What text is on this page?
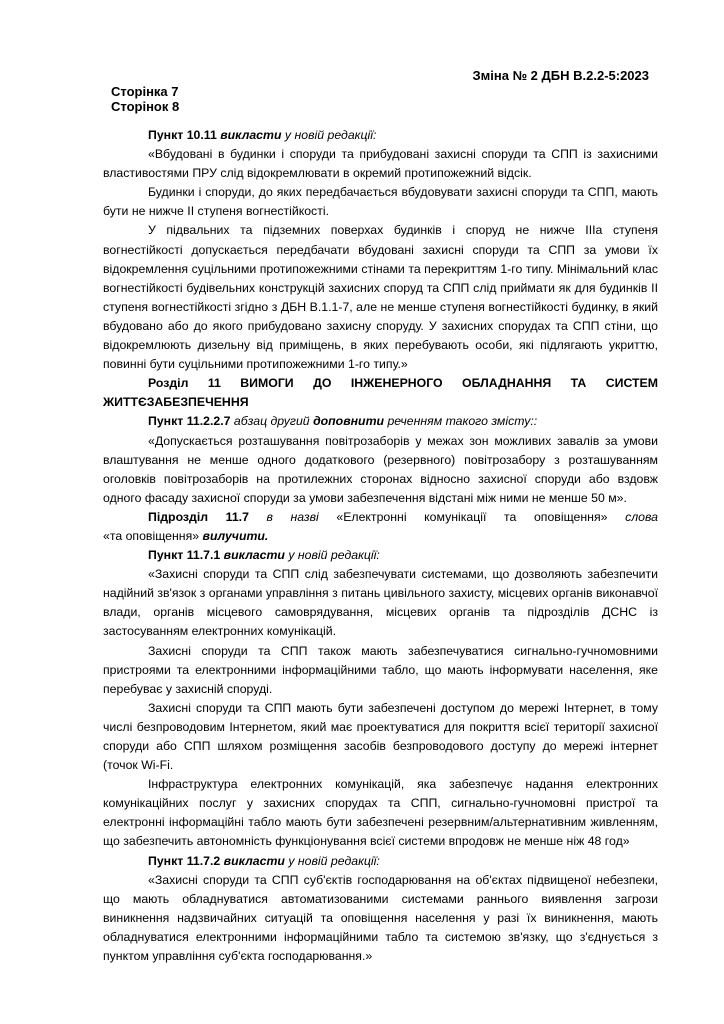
Зміна № 2 ДБН В.2.2-5:2023
Сторінка 7
Сторінок 8

Пункт 10.11 викласти у новій редакції:

«Вбудовані в будинки і споруди та прибудовані захисні споруди та СПП із захисними властивостями ПРУ слід відокремлювати в окремий протипожежний відсік.

Будинки і споруди, до яких передбачається вбудовувати захисні споруди та СПП, мають бути не нижче ІІ ступеня вогнестійкості.

У підвальних та підземних поверхах будинків і споруд не нижче ІІІа ступеня вогнестійкості допускається передбачати вбудовані захисні споруди та СПП за умови їх відокремлення суцільними протипожежними стінами та перекриттям 1-го типу. Мінімальний клас вогнестійкості будівельних конструкцій захисних споруд та СПП слід приймати як для будинків ІІ ступеня вогнестійкості згідно з ДБН В.1.1-7, але не менше ступеня вогнестійкості будинку, в який вбудовано або до якого прибудовано захисну споруду. У захисних спорудах та СПП стіни, що відокремлюють дизельну від приміщень, в яких перебувають особи, які підлягають укриттю, повинні бути суцільними протипожежними 1-го типу.»

Розділ 11 ВИМОГИ ДО ІНЖЕНЕРНОГО ОБЛАДНАННЯ ТА СИСТЕМ ЖИТТЄЗАБЕЗПЕЧЕННЯ

Пункт 11.2.2.7 абзац другий доповнити реченням такого змісту::

«Допускається розташування повітрозаборів у межах зон можливих завалів за умови влаштування не менше одного додаткового (резервного) повітрозабору з розташуванням оголовків повітрозаборів на протилежних сторонах відносно захисної споруди або вздовж одного фасаду захисної споруди за умови забезпечення відстані між ними не менше 50 м».

Підрозділ 11.7 в назві «Електронні комунікації та оповіщення» слова

«та оповіщення» вилучити.

Пункт 11.7.1 викласти у новій редакції:

«Захисні споруди та СПП слід забезпечувати системами, що дозволяють забезпечити надійний зв'язок з органами управління з питань цивільного захисту, місцевих органів виконавчої влади, органів місцевого самоврядування, місцевих органів та підрозділів ДСНС із застосуванням електронних комунікацій.

Захисні споруди та СПП також мають забезпечуватися сигнально-гучномовними пристроями та електронними інформаційними табло, що мають інформувати населення, яке перебуває у захисній споруді.

Захисні споруди та СПП мають бути забезпечені доступом до мережі Інтернет, в тому числі безпроводовим Інтернетом, який має проектуватися для покриття всієї території захисної споруди або СПП шляхом розміщення засобів безпроводового доступу до мережі інтернет (точок Wi-Fi.

Інфраструктура електронних комунікацій, яка забезпечує надання електронних комунікаційних послуг у захисних спорудах та СПП, сигнально-гучномовні пристрої та електронні інформаційні табло мають бути забезпечені резервним/альтернативним живленням, що забезпечить автономність функціонування всієї системи впродовж не менше ніж 48 год»

Пункт 11.7.2 викласти у новій редакції:

«Захисні споруди та СПП суб'єктів господарювання на об'єктах підвищеної небезпеки, що мають обладнуватися автоматизованими системами раннього виявлення загрози виникнення надзвичайних ситуацій та оповіщення населення у разі їх виникнення, мають обладнуватися електронними інформаційними табло та системою зв'язку, що з'єднується з пунктом управління суб'єкта господарювання.»
